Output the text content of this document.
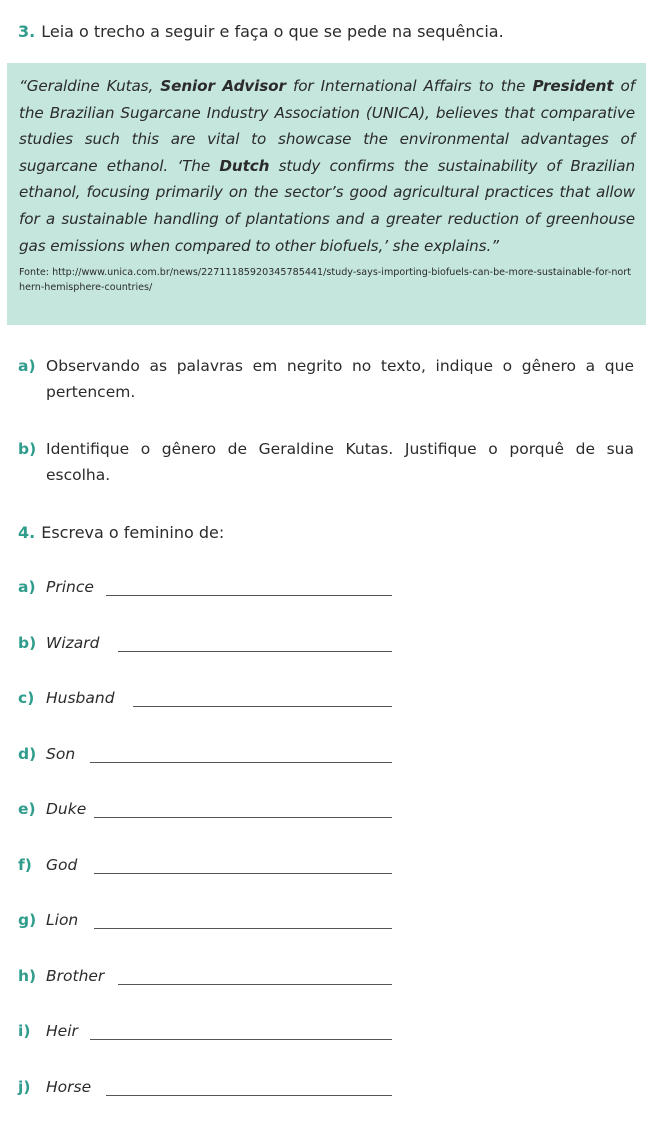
3. Leia o trecho a seguir e faça o que se pede na sequência.

“Geraldine Kutas, Senior Advisor for International Affairs to the President of the Brazilian Sugarcane Industry Association (UNICA), believes that comparative studies such this are vital to showcase the environmental advantages of sugarcane ethanol. ‘The Dutch study confirms the sustainability of Brazilian ethanol, focusing primarily on the sector’s good agricultural practices that allow for a sustainable handling of plantations and a greater reduction of greenhouse gas emissions when compared to other biofuels,’ she explains.”

Fonte: http://www.unica.com.br/news/22711185920345785441/study-says-importing-biofuels-can-be-more-sustainable-for-northern-hemisphere-countries/
a) Observando as palavras em negrito no texto, indique o gênero a que pertencem.
b) Identifique o gênero de Geraldine Kutas. Justifique o porquê de sua escolha.
4. Escreva o feminino de:
a) Prince
b) Wizard
c) Husband
d) Son
e) Duke
f) God
g) Lion
h) Brother
i) Heir
j) Horse
